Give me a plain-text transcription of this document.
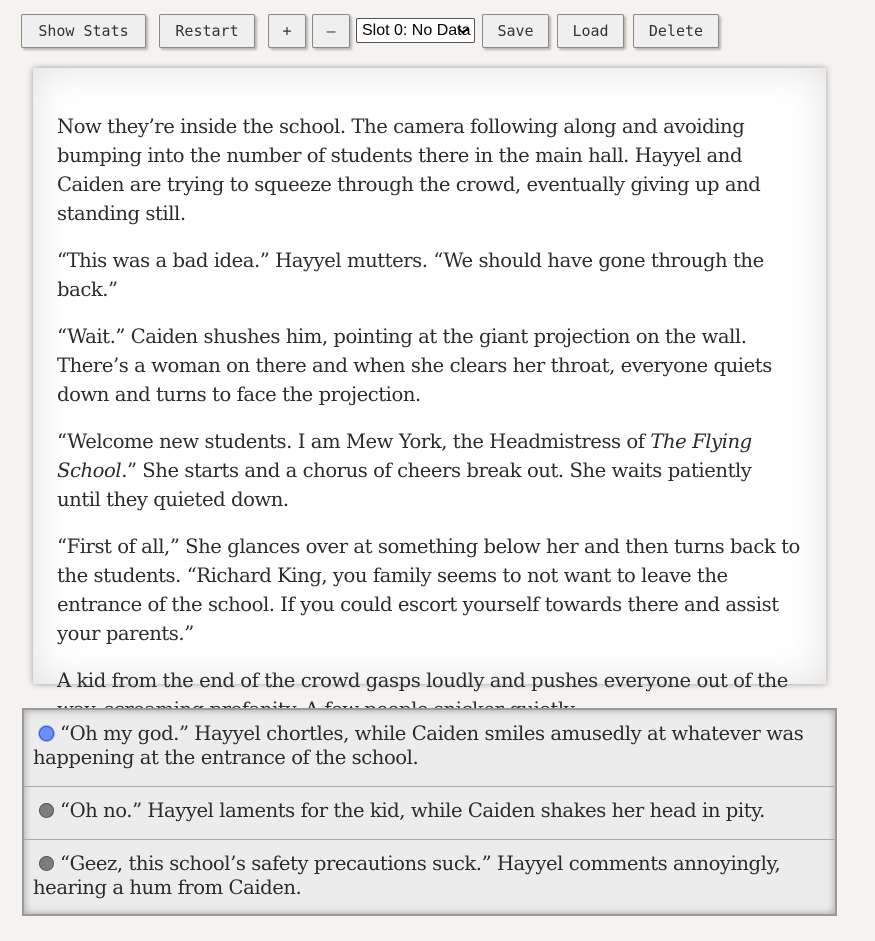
Show Stats	Restart	+	–	Slot 0: No Data	Save	Load	Delete

Now they’re inside the school. The camera following along and avoiding bumping into the number of students there in the main hall. Hayyel and Caiden are trying to squeeze through the crowd, eventually giving up and standing still.

“This was a bad idea.” Hayyel mutters. “We should have gone through the back.”

“Wait.” Caiden shushes him, pointing at the giant projection on the wall. There’s a woman on there and when she clears her throat, everyone quiets down and turns to face the projection.

“Welcome new students. I am Mew York, the Headmistress of The Flying School.” She starts and a chorus of cheers break out. She waits patiently until they quieted down.

“First of all,” She glances over at something below her and then turns back to the students. “Richard King, you family seems to not want to leave the entrance of the school. If you could escort yourself towards there and assist your parents.”

A kid from the end of the crowd gasps loudly and pushes everyone out of the

“Oh my god.” Hayyel chortles, while Caiden smiles amusedly at whatever was happening at the entrance of the school.
“Oh no.” Hayyel laments for the kid, while Caiden shakes her head in pity.
“Geez, this school’s safety precautions suck.” Hayyel comments annoyingly, hearing a hum from Caiden.
